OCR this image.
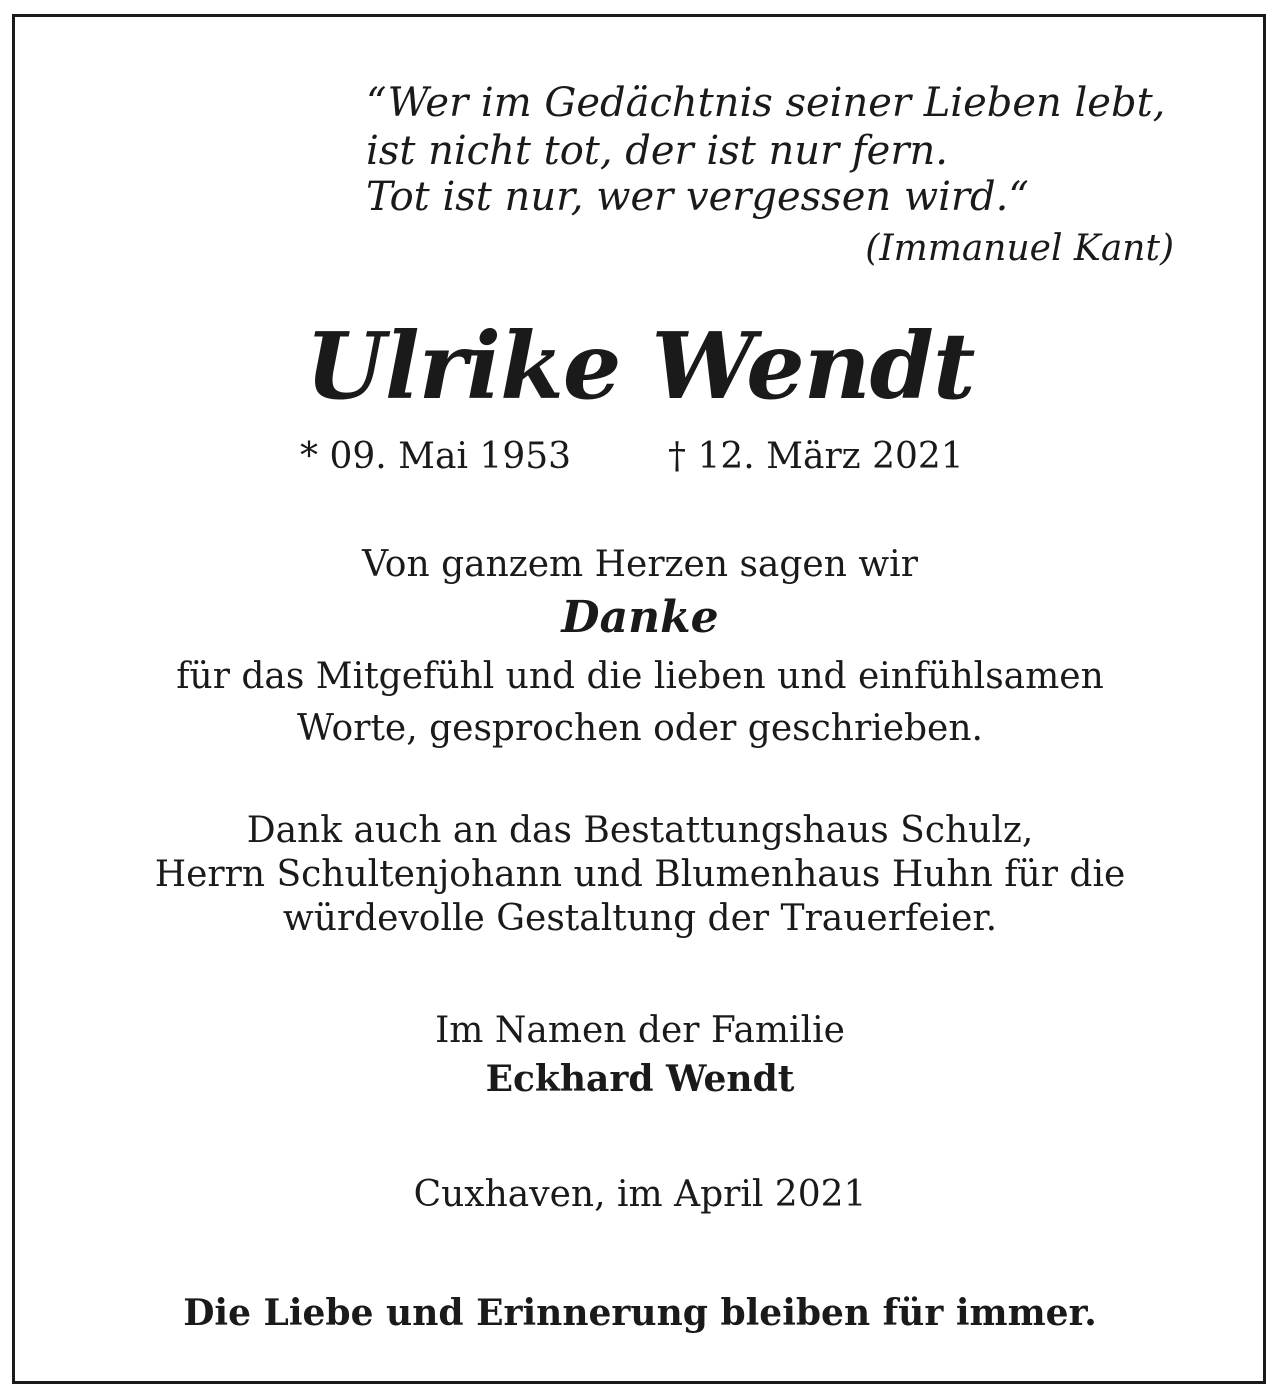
“Wer im Gedächtnis seiner Lieben lebt,

ist nicht tot, der ist nur fern.

Tot ist nur, wer vergessen wird.“

(Immanuel Kant)

Ulrike Wendt

* 09. Mai 1953	† 12. März 2021

Von ganzem Herzen sagen wir

Danke

für das Mitgefühl und die lieben und einfühlsamen

Worte, gesprochen oder geschrieben.

Dank auch an das Bestattungshaus Schulz,

Herrn Schultenjohann und Blumenhaus Huhn für die

würdevolle Gestaltung der Trauerfeier.

Im Namen der Familie

Eckhard Wendt

Cuxhaven, im April 2021

Die Liebe und Erinnerung bleiben für immer.
